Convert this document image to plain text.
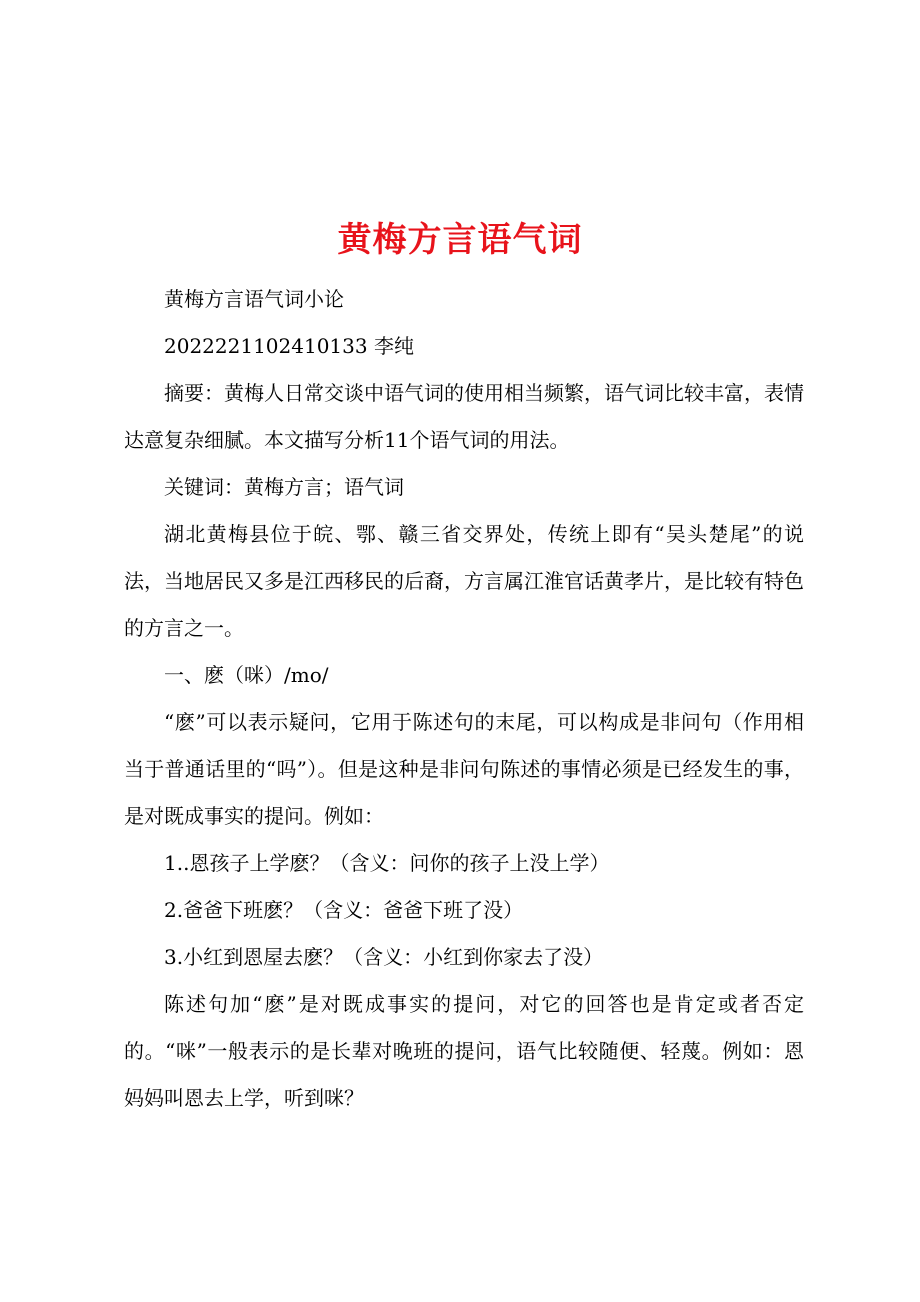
黄梅方言语气词

黄梅方言语气词小论

2022221102410133 李纯

摘要：黄梅人日常交谈中语气词的使用相当频繁，语气词比较丰富，表情达意复杂细腻。本文描写分析11个语气词的用法。

关键词：黄梅方言；语气词

湖北黄梅县位于皖、鄂、赣三省交界处，传统上即有“吴头楚尾”的说法，当地居民又多是江西移民的后裔，方言属江淮官话黄孝片，是比较有特色的方言之一。

一、麽（咪）/mo/

“麽”可以表示疑问，它用于陈述句的末尾，可以构成是非问句（作用相当于普通话里的“吗”）。但是这种是非问句陈述的事情必须是已经发生的事，是对既成事实的提问。例如：

1..恩孩子上学麽？（含义：问你的孩子上没上学）

2.爸爸下班麽？（含义：爸爸下班了没）

3.小红到恩屋去麽？（含义：小红到你家去了没）

陈述句加“麽”是对既成事实的提问，对它的回答也是肯定或者否定的。“咪”一般表示的是长辈对晚班的提问，语气比较随便、轻蔑。例如：恩妈妈叫恩去上学，听到咪？
